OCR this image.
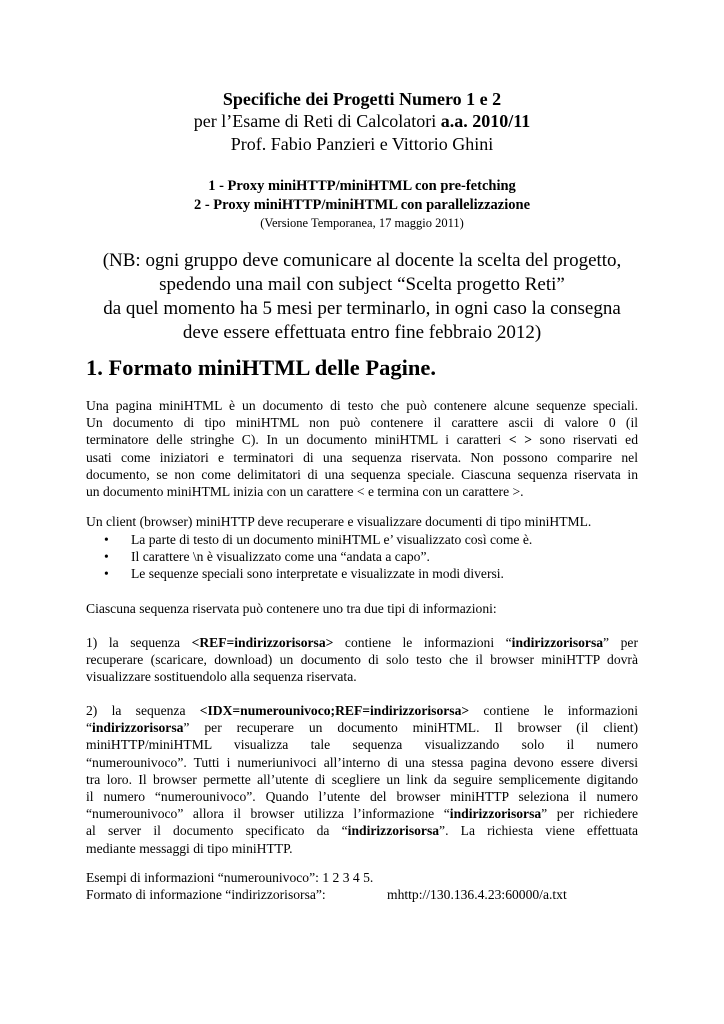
Specifiche dei Progetti Numero 1 e 2
per l’Esame di Reti di Calcolatori a.a. 2010/11
Prof. Fabio Panzieri e Vittorio Ghini
1 - Proxy miniHTTP/miniHTML con pre-fetching
2 - Proxy miniHTTP/miniHTML con parallelizzazione
(Versione Temporanea, 17 maggio 2011)
(NB: ogni gruppo deve comunicare al docente la scelta del progetto,
spedendo una mail con subject “Scelta progetto Reti”
da quel momento ha 5 mesi per terminarlo, in ogni caso la consegna
deve essere effettuata entro fine febbraio 2012)
1. Formato miniHTML delle Pagine.
Una pagina miniHTML è un documento di testo che può contenere alcune sequenze speciali.
Un documento di tipo miniHTML non può contenere il carattere ascii di valore 0 (il
terminatore delle stringhe C). In un documento miniHTML i caratteri < > sono riservati ed
usati come iniziatori e terminatori di una sequenza riservata. Non possono comparire nel
documento, se non come delimitatori di una sequenza speciale. Ciascuna sequenza riservata in
un documento miniHTML inizia con un carattere < e termina con un carattere >.
Un client (browser) miniHTTP deve recuperare e visualizzare documenti di tipo miniHTML.
•	La parte di testo di un documento miniHTML e’ visualizzato così come è.
•	Il carattere \n è visualizzato come una “andata a capo”.
•	Le sequenze speciali sono interpretate e visualizzate in modi diversi.
Ciascuna sequenza riservata può contenere uno tra due tipi di informazioni:
1) la sequenza <REF=indirizzorisorsa> contiene le informazioni “indirizzorisorsa” per
recuperare (scaricare, download) un documento di solo testo che il browser miniHTTP dovrà
visualizzare sostituendolo alla sequenza riservata.
2) la sequenza <IDX=numerounivoco;REF=indirizzorisorsa> contiene le informazioni
“indirizzorisorsa” per recuperare un documento miniHTML. Il browser (il client)
miniHTTP/miniHTML visualizza tale sequenza visualizzando solo il numero
“numerounivoco”. Tutti i numeriunivoci all’interno di una stessa pagina devono essere diversi
tra loro. Il browser permette all’utente di scegliere un link da seguire semplicemente digitando
il numero “numerounivoco”. Quando l’utente del browser miniHTTP seleziona il numero
“numerounivoco” allora il browser utilizza l’informazione “indirizzorisorsa” per richiedere
al server il documento specificato da “indirizzorisorsa”. La richiesta viene effettuata
mediante messaggi di tipo miniHTTP.
Esempi di informazioni “numerounivoco”: 1 2 3 4 5.
Formato di informazione “indirizzorisorsa”:	mhttp://130.136.4.23:60000/a.txt
